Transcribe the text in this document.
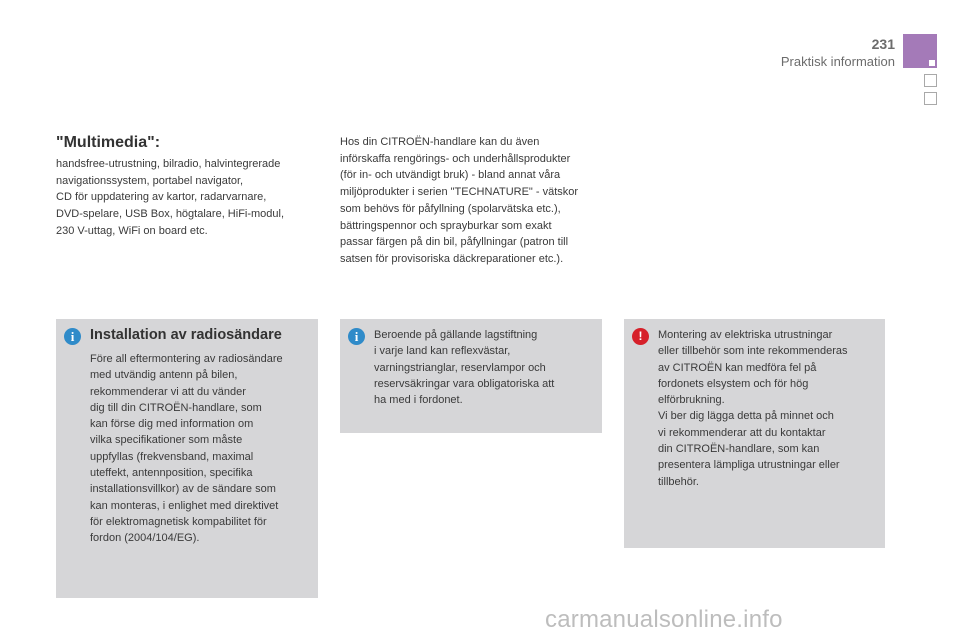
231
Praktisk information
"Multimedia":

handsfree-utrustning, bilradio, halvintegrerade
navigationssystem, portabel navigator,
CD för uppdatering av kartor, radarvarnare,
DVD-spelare, USB Box, högtalare, HiFi-modul,
230 V-uttag, WiFi on board etc.

Hos din CITROËN-handlare kan du även
införskaffa rengörings- och underhållsprodukter
(för in- och utvändigt bruk) - bland annat våra
miljöprodukter i serien "TECHNATURE" - vätskor
som behövs för påfyllning (spolarvätska etc.),
bättringspennor och sprayburkar som exakt
passar färgen på din bil, påfyllningar (patron till
satsen för provisoriska däckreparationer etc.).

i	Installation av radiosändare

Före all eftermontering av radiosändare
med utvändig antenn på bilen,
rekommenderar vi att du vänder
dig till din CITROËN-handlare, som
kan förse dig med information om
vilka specifikationer som måste
uppfyllas (frekvensband, maximal
uteffekt, antennposition, specifika
installationsvillkor) av de sändare som
kan monteras, i enlighet med direktivet
för elektromagnetisk kompabilitet för
fordon (2004/104/EG).

i	Beroende på gällande lagstiftning
i varje land kan reflexvästar,
varningstrianglar, reservlampor och
reservsäkringar vara obligatoriska att
ha med i fordonet.

!	Montering av elektriska utrustningar
eller tillbehör som inte rekommenderas
av CITROËN kan medföra fel på
fordonets elsystem och för hög
elförbrukning.
Vi ber dig lägga detta på minnet och
vi rekommenderar att du kontaktar
din CITROËN-handlare, som kan
presentera lämpliga utrustningar eller
tillbehör.

carmanualsonline.info
